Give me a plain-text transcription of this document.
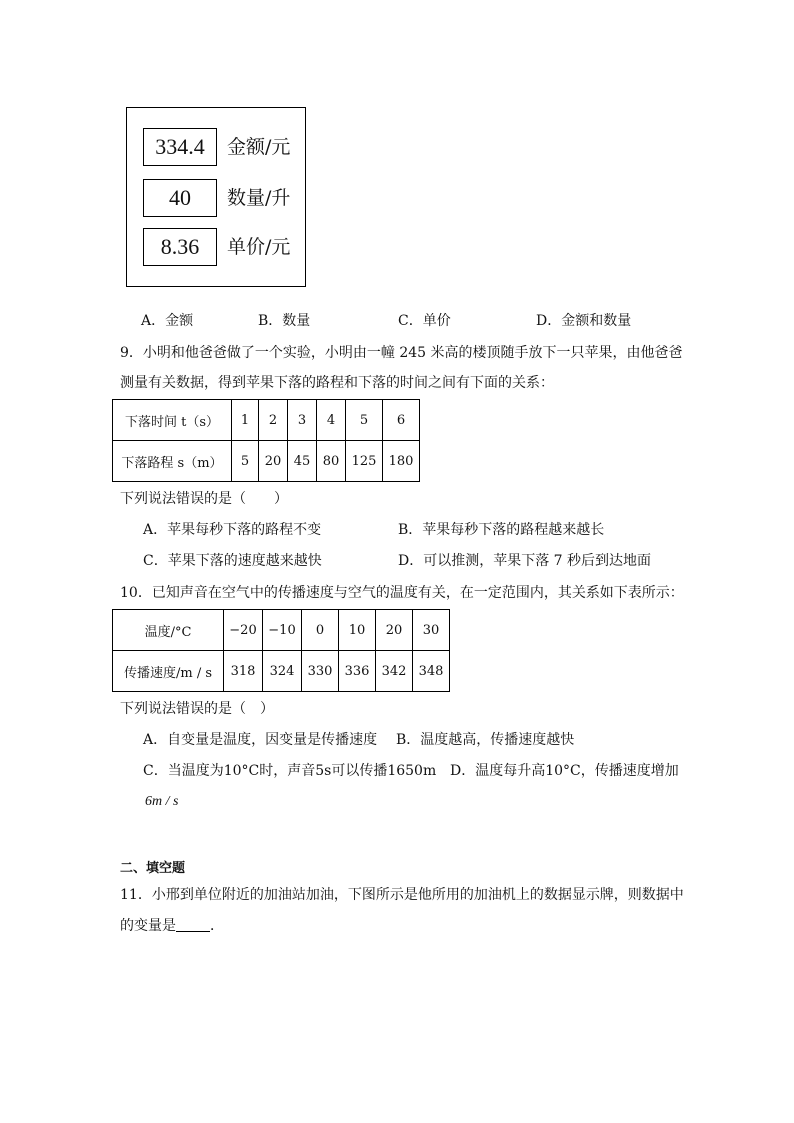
334.4	金额/元
40	数量/升
8.36	单价/元
A．金额	B．数量	C．单价	D．金额和数量
9．小明和他爸爸做了一个实验，小明由一幢 245 米高的楼顶随手放下一只苹果，由他爸爸
测量有关数据，得到苹果下落的路程和下落的时间之间有下面的关系：
下落时间 t（s）	1	2	3	4	5	6
下落路程 s（m）	5	20	45	80	125	180
下列说法错误的是（　　）
A．苹果每秒下落的路程不变	B．苹果每秒下落的路程越来越长
C．苹果下落的速度越来越快	D．可以推测，苹果下落 7 秒后到达地面
10．已知声音在空气中的传播速度与空气的温度有关，在一定范围内，其关系如下表所示：
温度/°C	−20	−10	0	10	20	30
传播速度/m / s	318	324	330	336	342	348
下列说法错误的是（　）
A．自变量是温度，因变量是传播速度 B．温度越高，传播速度越快
C．当温度为10°C时，声音5s可以传播1650m D．温度每升高10°C，传播速度增加
6m / s
二、填空题
11．小邢到单位附近的加油站加油，下图所示是他所用的加油机上的数据显示牌，则数据中
的变量是 ．
